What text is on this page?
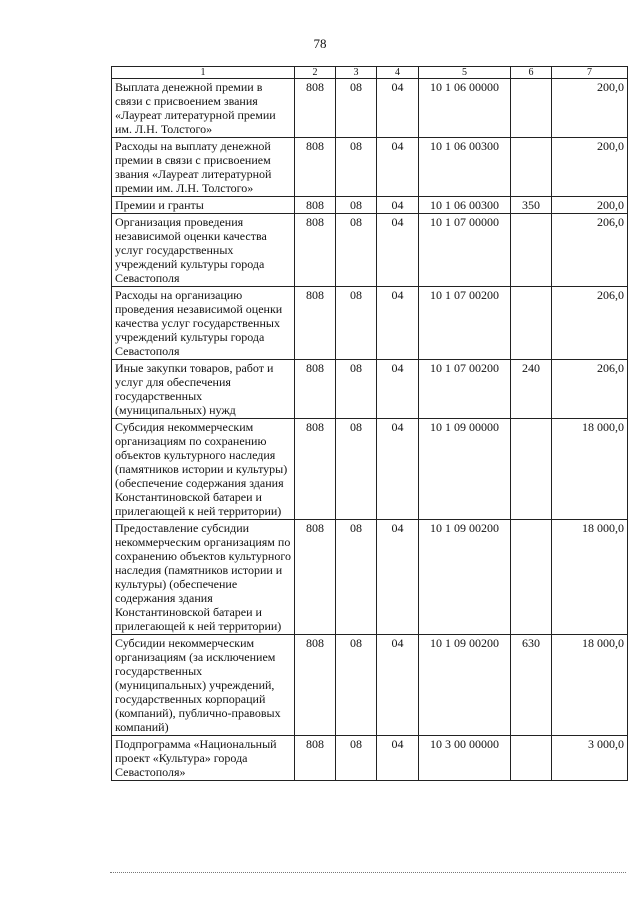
78
1	2	3	4	5	6	7
Выплата денежной премии в связи с присвоением звания «Лауреат литературной премии им. Л.Н. Толстого»	808	08	04	10 1 06 00000		200,0
Расходы на выплату денежной премии в связи с присвоением звания «Лауреат литературной премии им. Л.Н. Толстого»	808	08	04	10 1 06 00300		200,0
Премии и гранты	808	08	04	10 1 06 00300	350	200,0
Организация проведения независимой оценки качества услуг государственных учреждений культуры города Севастополя	808	08	04	10 1 07 00000		206,0
Расходы на организацию проведения независимой оценки качества услуг государственных учреждений культуры города Севастополя	808	08	04	10 1 07 00200		206,0
Иные закупки товаров, работ и услуг для обеспечения государственных (муниципальных) нужд	808	08	04	10 1 07 00200	240	206,0
Субсидия некоммерческим организациям по сохранению объектов культурного наследия (памятников истории и культуры) (обеспечение содержания здания Константиновской батареи и прилегающей к ней территории)	808	08	04	10 1 09 00000		18 000,0
Предоставление субсидии некоммерческим организациям по сохранению объектов культурного наследия (памятников истории и культуры) (обеспечение содержания здания Константиновской батареи и прилегающей к ней территории)	808	08	04	10 1 09 00200		18 000,0
Субсидии некоммерческим организациям (за исключением государственных (муниципальных) учреждений, государственных корпораций (компаний), публично-правовых компаний)	808	08	04	10 1 09 00200	630	18 000,0
Подпрограмма «Национальный проект «Культура» города Севастополя»	808	08	04	10 3 00 00000		3 000,0
